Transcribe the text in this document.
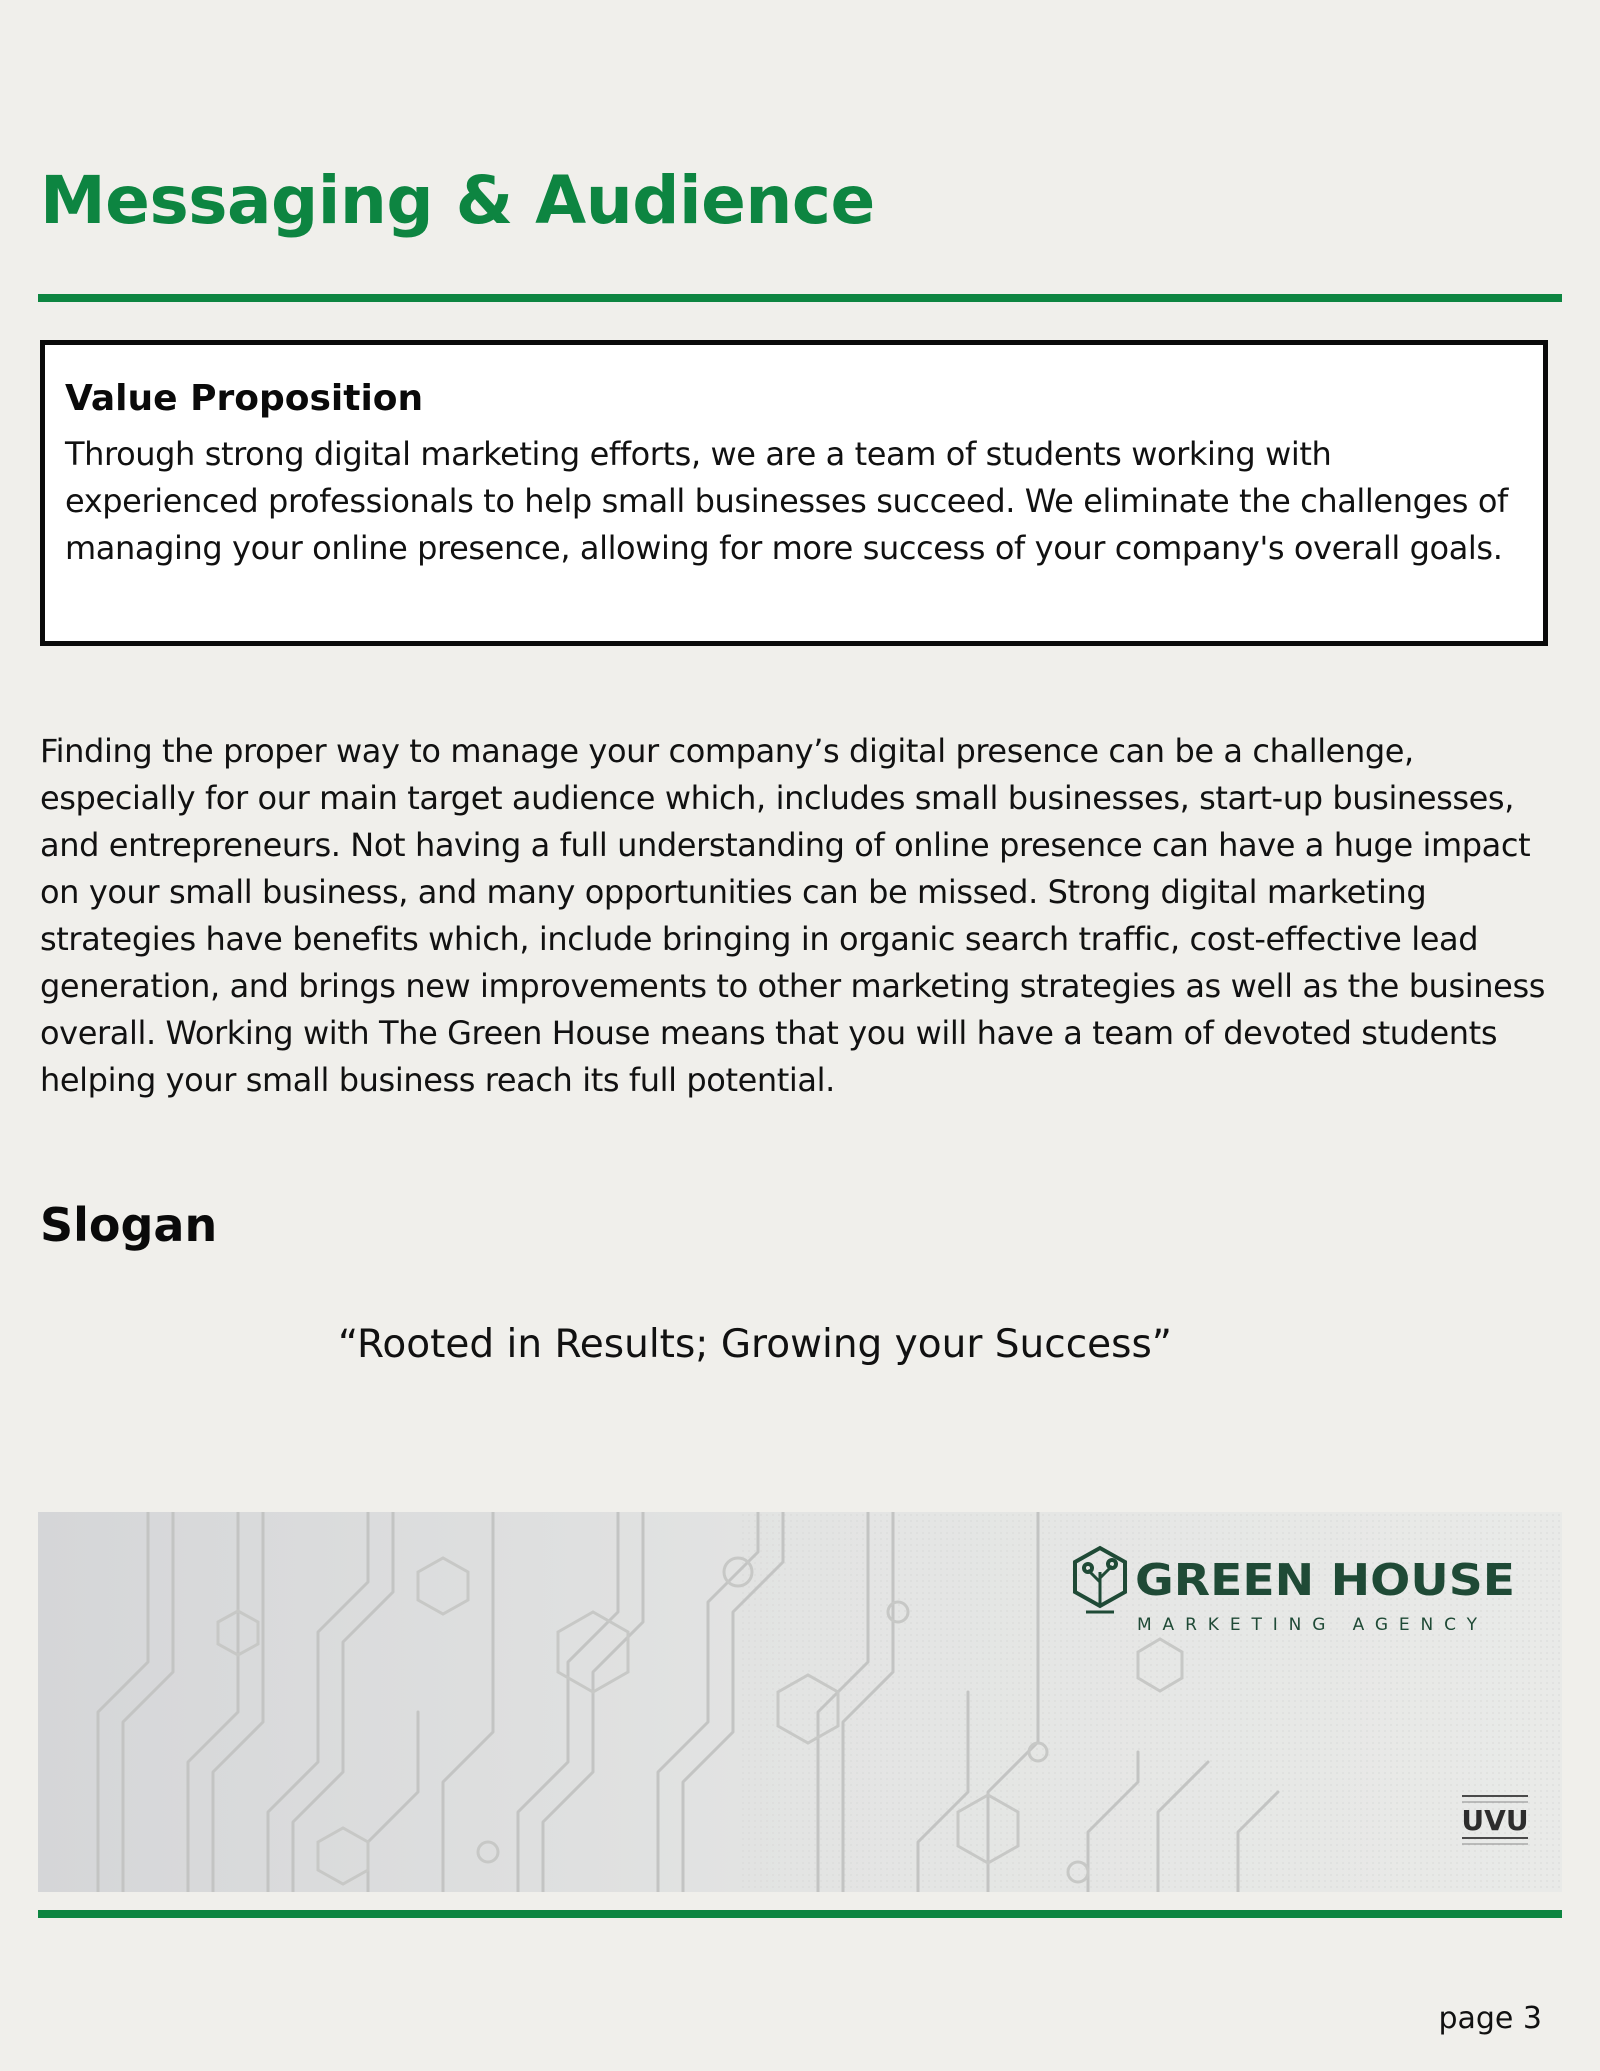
Messaging & Audience
Value Proposition

Through strong digital marketing efforts, we are a team of students working with experienced professionals to help small businesses succeed. We eliminate the challenges of managing your online presence, allowing for more success of your company's overall goals.

Finding the proper way to manage your company’s digital presence can be a challenge, especially for our main target audience which, includes small businesses, start-up businesses, and entrepreneurs. Not having a full understanding of online presence can have a huge impact on your small business, and many opportunities can be missed. Strong digital marketing strategies have benefits which, include bringing in organic search traffic, cost-effective lead generation, and brings new improvements to other marketing strategies as well as the business overall. Working with The Green House means that you will have a team of devoted students helping your small business reach its full potential.

Slogan

“Rooted in Results; Growing your Success”

GREEN HOUSE
MARKETING AGENCY
UVU

page 3
